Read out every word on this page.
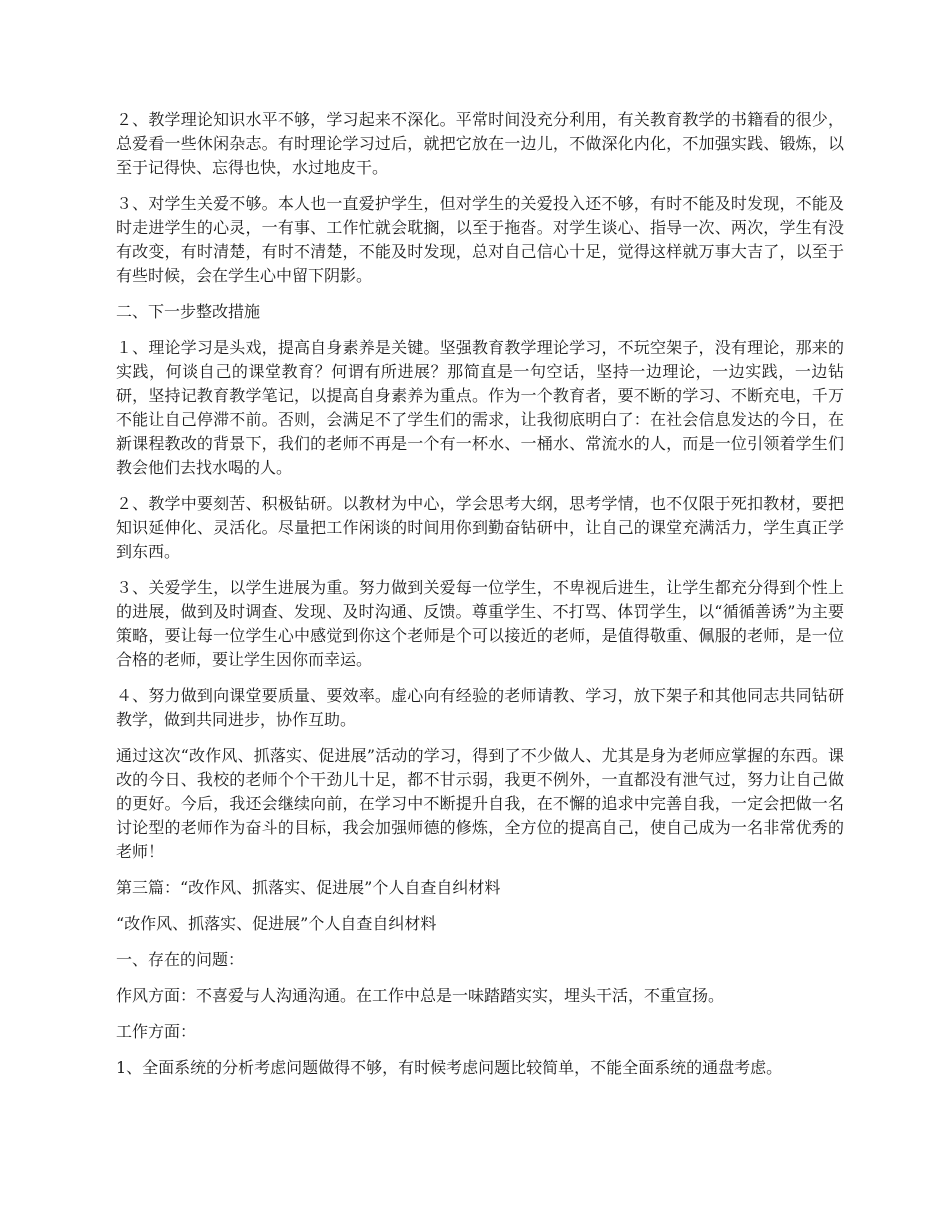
２、教学理论知识水平不够，学习起来不深化。平常时间没充分利用，有关教育教学的书籍看的很少，总爱看一些休闲杂志。有时理论学习过后，就把它放在一边儿，不做深化内化，不加强实践、锻炼，以至于记得快、忘得也快，水过地皮干。

３、对学生关爱不够。本人也一直爱护学生，但对学生的关爱投入还不够，有时不能及时发现，不能及时走进学生的心灵，一有事、工作忙就会耽搁，以至于拖沓。对学生谈心、指导一次、两次，学生有没有改变，有时清楚，有时不清楚，不能及时发现，总对自己信心十足，觉得这样就万事大吉了，以至于有些时候，会在学生心中留下阴影。

二、下一步整改措施

１、理论学习是头戏，提高自身素养是关键。坚强教育教学理论学习，不玩空架子，没有理论，那来的实践，何谈自己的课堂教育？何谓有所进展？那简直是一句空话，坚持一边理论，一边实践，一边钻研，坚持记教育教学笔记，以提高自身素养为重点。作为一个教育者，要不断的学习、不断充电，千万不能让自己停滞不前。否则，会满足不了学生们的需求，让我彻底明白了：在社会信息发达的今日，在新课程教改的背景下，我们的老师不再是一个有一杯水、一桶水、常流水的人，而是一位引领着学生们教会他们去找水喝的人。

２、教学中要刻苦、积极钻研。以教材为中心，学会思考大纲，思考学情，也不仅限于死扣教材，要把知识延伸化、灵活化。尽量把工作闲谈的时间用你到勤奋钻研中，让自己的课堂充满活力，学生真正学到东西。

３、关爱学生，以学生进展为重。努力做到关爱每一位学生，不卑视后进生，让学生都充分得到个性上的进展，做到及时调查、发现、及时沟通、反馈。尊重学生、不打骂、体罚学生，以“循循善诱”为主要策略，要让每一位学生心中感觉到你这个老师是个可以接近的老师，是值得敬重、佩服的老师，是一位合格的老师，要让学生因你而幸运。

４、努力做到向课堂要质量、要效率。虚心向有经验的老师请教、学习，放下架子和其他同志共同钻研教学，做到共同进步，协作互助。

通过这次“改作风、抓落实、促进展”活动的学习，得到了不少做人、尤其是身为老师应掌握的东西。课改的今日、我校的老师个个干劲儿十足，都不甘示弱，我更不例外，一直都没有泄气过，努力让自己做的更好。今后，我还会继续向前，在学习中不断提升自我，在不懈的追求中完善自我，一定会把做一名讨论型的老师作为奋斗的目标，我会加强师德的修炼，全方位的提高自己，使自己成为一名非常优秀的老师！

第三篇：“改作风、抓落实、促进展”个人自查自纠材料

“改作风、抓落实、促进展”个人自查自纠材料

一、存在的问题：

作风方面：不喜爱与人沟通沟通。在工作中总是一味踏踏实实，埋头干活，不重宣扬。

工作方面：

1、全面系统的分析考虑问题做得不够，有时候考虑问题比较简单，不能全面系统的通盘考虑。
